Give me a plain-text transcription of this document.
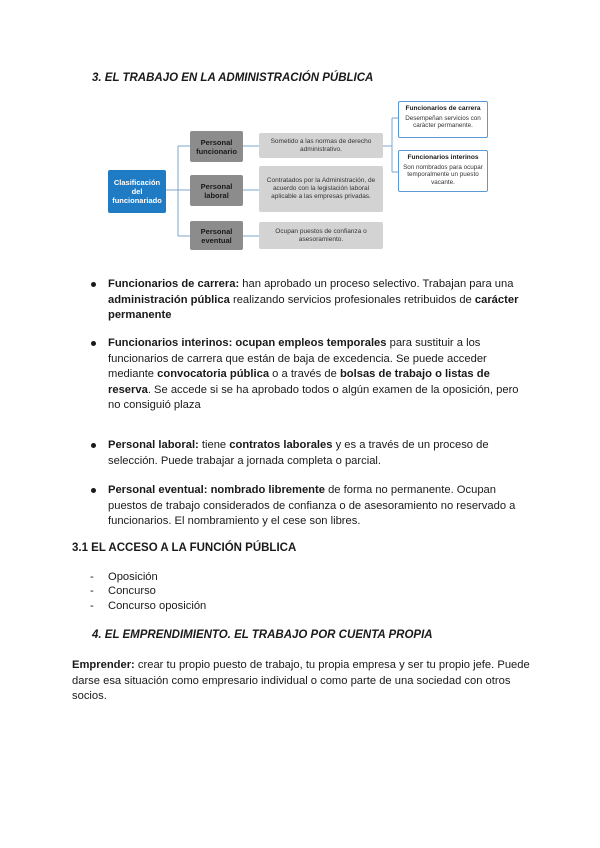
3. EL TRABAJO EN LA ADMINISTRACIÓN PÚBLICA
Clasificación del funcionariado
Personal funcionario
Personal laboral
Personal eventual
Sometido a las normas de derecho administrativo.
Contratados por la Administración, de acuerdo con la legislación laboral aplicable a las empresas privadas.
Ocupan puestos de confianza o asesoramiento.
Funcionarios de carrera
Desempeñan servicios con carácter permanente.
Funcionarios interinos
Son nombrados para ocupar temporalmente un puesto vacante.
Funcionarios de carrera: han aprobado un proceso selectivo. Trabajan para una
administración pública realizando servicios profesionales retribuidos de carácter
permanente
Funcionarios interinos: ocupan empleos temporales para sustituir a los
funcionarios de carrera que están de baja de excedencia. Se puede acceder
mediante convocatoria pública o a través de bolsas de trabajo o listas de
reserva. Se accede si se ha aprobado todos o algún examen de la oposición, pero
no consiguió plaza
Personal laboral: tiene contratos laborales y es a través de un proceso de
selección. Puede trabajar a jornada completa o parcial.
Personal eventual: nombrado libremente de forma no permanente. Ocupan
puestos de trabajo considerados de confianza o de asesoramiento no reservado a
funcionarios. El nombramiento y el cese son libres.
3.1 EL ACCESO A LA FUNCIÓN PÚBLICA
- Oposición
- Concurso
- Concurso oposición
4. EL EMPRENDIMIENTO. EL TRABAJO POR CUENTA PROPIA
Emprender: crear tu propio puesto de trabajo, tu propia empresa y ser tu propio jefe. Puede
darse esa situación como empresario individual o como parte de una sociedad con otros
socios.
